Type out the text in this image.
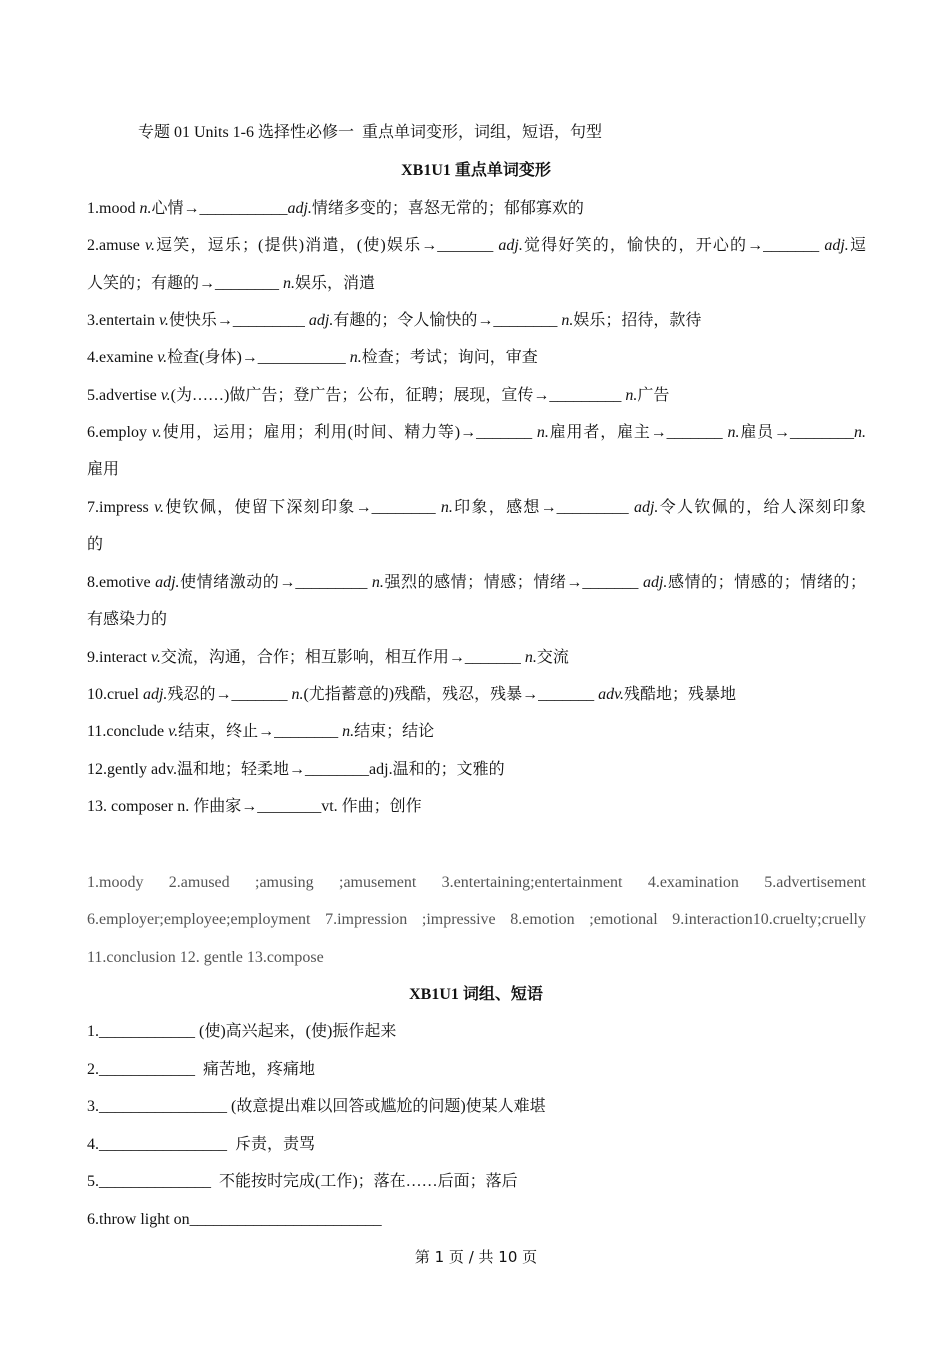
专题 01 Units 1-6 选择性必修一  重点单词变形，词组，短语，句型
XB1U1 重点单词变形
1.mood n.心情→___________adj.情绪多变的；喜怒无常的；郁郁寡欢的
2.amuse v.逗笑，逗乐；(提供)消遣，(使)娱乐→_______ adj.觉得好笑的，愉快的，开心的→_______ adj.逗
人笑的；有趣的→________ n.娱乐，消遣
3.entertain v.使快乐→_________ adj.有趣的；令人愉快的→________ n.娱乐；招待，款待
4.examine v.检查(身体)→___________ n.检查；考试；询问，审查
5.advertise v.(为……)做广告；登广告；公布，征聘；展现，宣传→_________ n.广告
6.employ v.使用，运用；雇用；利用(时间、精力等)→_______ n.雇用者，雇主→_______ n.雇员→________n.
雇用
7.impress v.使钦佩，使留下深刻印象→________ n.印象，感想→_________ adj.令人钦佩的，给人深刻印象
的
8.emotive adj.使情绪激动的→_________ n.强烈的感情；情感；情绪→_______ adj.感情的；情感的；情绪的；
有感染力的
9.interact v.交流，沟通，合作；相互影响，相互作用→_______ n.交流
10.cruel adj.残忍的→_______ n.(尤指蓄意的)残酷，残忍，残暴→_______ adv.残酷地；残暴地
11.conclude v.结束，终止→________ n.结束；结论
12.gently adv.温和地；轻柔地→________adj.温和的；文雅的
13. composer n. 作曲家→________vt. 作曲；创作
1.moody 2.amused ;amusing ;amusement 3.entertaining;entertainment 4.examination 5.advertisement
6.employer;employee;employment 7.impression ;impressive 8.emotion ;emotional 9.interaction10.cruelty;cruelly
11.conclusion 12. gentle 13.compose
XB1U1 词组、短语
1.____________ (使)高兴起来，(使)振作起来
2.____________  痛苦地，疼痛地
3.________________ (故意提出难以回答或尴尬的问题)使某人难堪
4.________________  斥责，责骂
5.______________  不能按时完成(工作)；落在……后面；落后
6.throw light on________________________
第 1 页 / 共 10 页
